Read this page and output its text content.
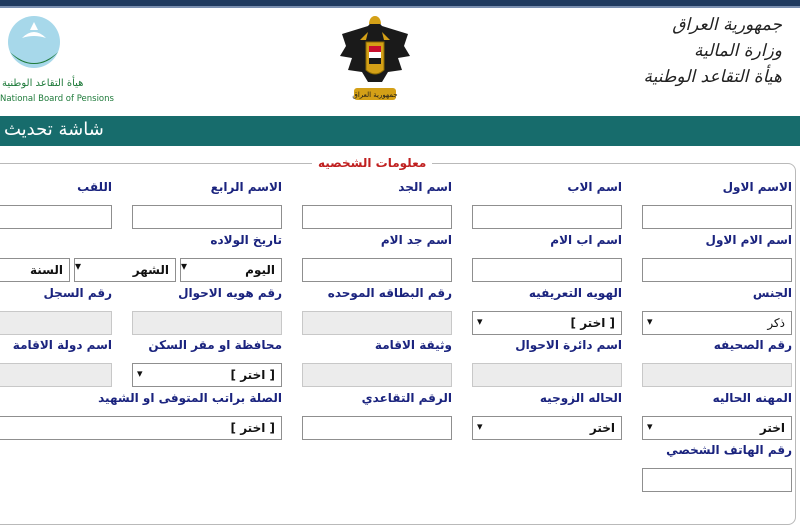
جمهورية العراق
وزارة المالية
هيأة التقاعد الوطنية
جمهورية العراق
هيأة التقاعد الوطنية
National Board of Pensions
شاشة تحديث
معلومات الشخصيه
الاسم الاول
اسم الاب
اسم الجد
الاسم الرابع
اللقب
اسم الام الاول
اسم اب الام
اسم جد الام
تاريخ الولاده
اليوم
▾
الشهر
▾
السنة
الجنس
الهويه التعريفيه
رقم البطاقه الموحده
رقم هويه الاحوال
رقم السجل
ذكر
▾
[ اختر ]
▾
رقم الصحيفه
اسم دائرة الاحوال
وثيقة الاقامة
محافظة او مقر السكن
اسم دولة الاقامة
[ اختر ]
▾
المهنه الحاليه
الحاله الزوجيه
الرقم التقاعدي
الصلة براتب المتوفى او الشهيد
اختر
▾
اختر
▾
[ اختر ]
رقم الهاتف الشخصي
